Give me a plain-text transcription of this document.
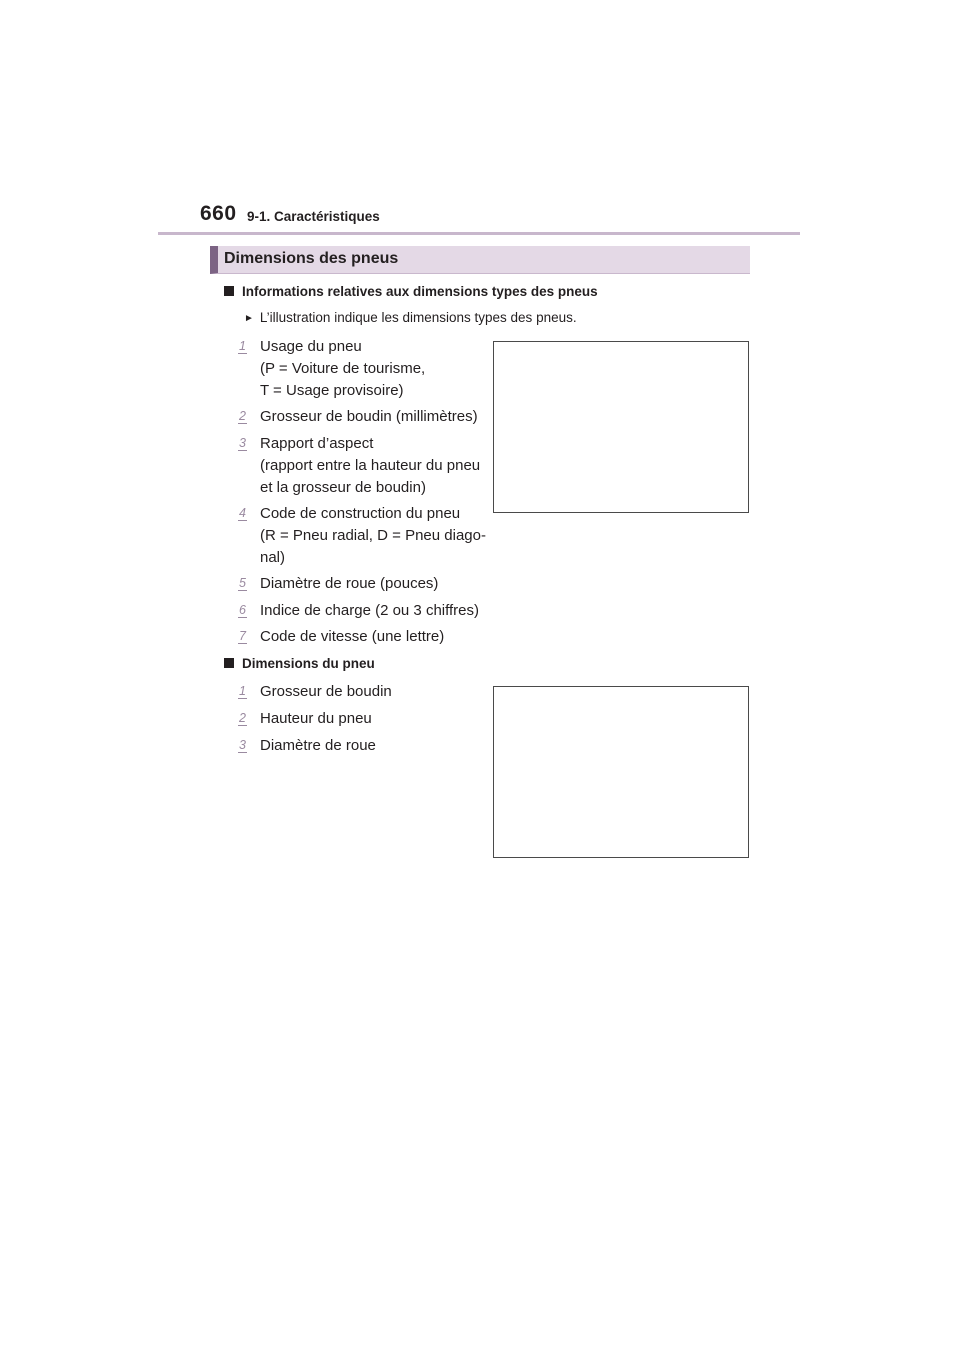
660 9-1. Caractéristiques
Dimensions des pneus
Informations relatives aux dimensions types des pneus
► L’illustration indique les dimensions types des pneus.
1 Usage du pneu
(P = Voiture de tourisme,
T = Usage provisoire)
2 Grosseur de boudin (millimètres)
3 Rapport d’aspect
(rapport entre la hauteur du pneu
et la grosseur de boudin)
4 Code de construction du pneu
(R = Pneu radial, D = Pneu diago-
nal)
5 Diamètre de roue (pouces)
6 Indice de charge (2 ou 3 chiffres)
7 Code de vitesse (une lettre)
Dimensions du pneu
1 Grosseur de boudin
2 Hauteur du pneu
3 Diamètre de roue
